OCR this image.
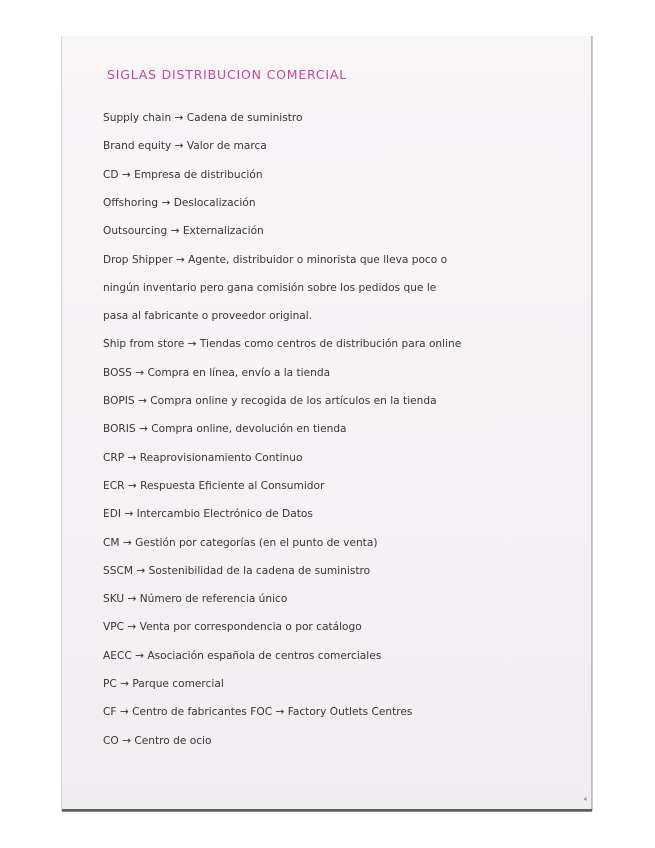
SIGLAS DISTRIBUCION COMERCIAL
Supply chain → Cadena de suministro
Brand equity → Valor de marca
CD → Empresa de distribución
Offshoring → Deslocalización
Outsourcing → Externalización
Drop Shipper → Agente, distribuidor o minorista que lleva poco o
ningún inventario pero gana comisión sobre los pedidos que le
pasa al fabricante o proveedor original.
Ship from store → Tiendas como centros de distribución para online
BOSS → Compra en línea, envío a la tienda
BOPIS → Compra online y recogida de los artículos en la tienda
BORIS → Compra online, devolución en tienda
CRP → Reaprovisionamiento Continuo
ECR → Respuesta Eficiente al Consumidor
EDI → Intercambio Electrónico de Datos
CM → Gestión por categorías (en el punto de venta)
SSCM → Sostenibilidad de la cadena de suministro
SKU → Número de referencia único
VPC → Venta por correspondencia o por catálogo
AECC → Asociación española de centros comerciales
PC → Parque comercial
CF → Centro de fabricantes FOC → Factory Outlets Centres
CO → Centro de ocio
4
